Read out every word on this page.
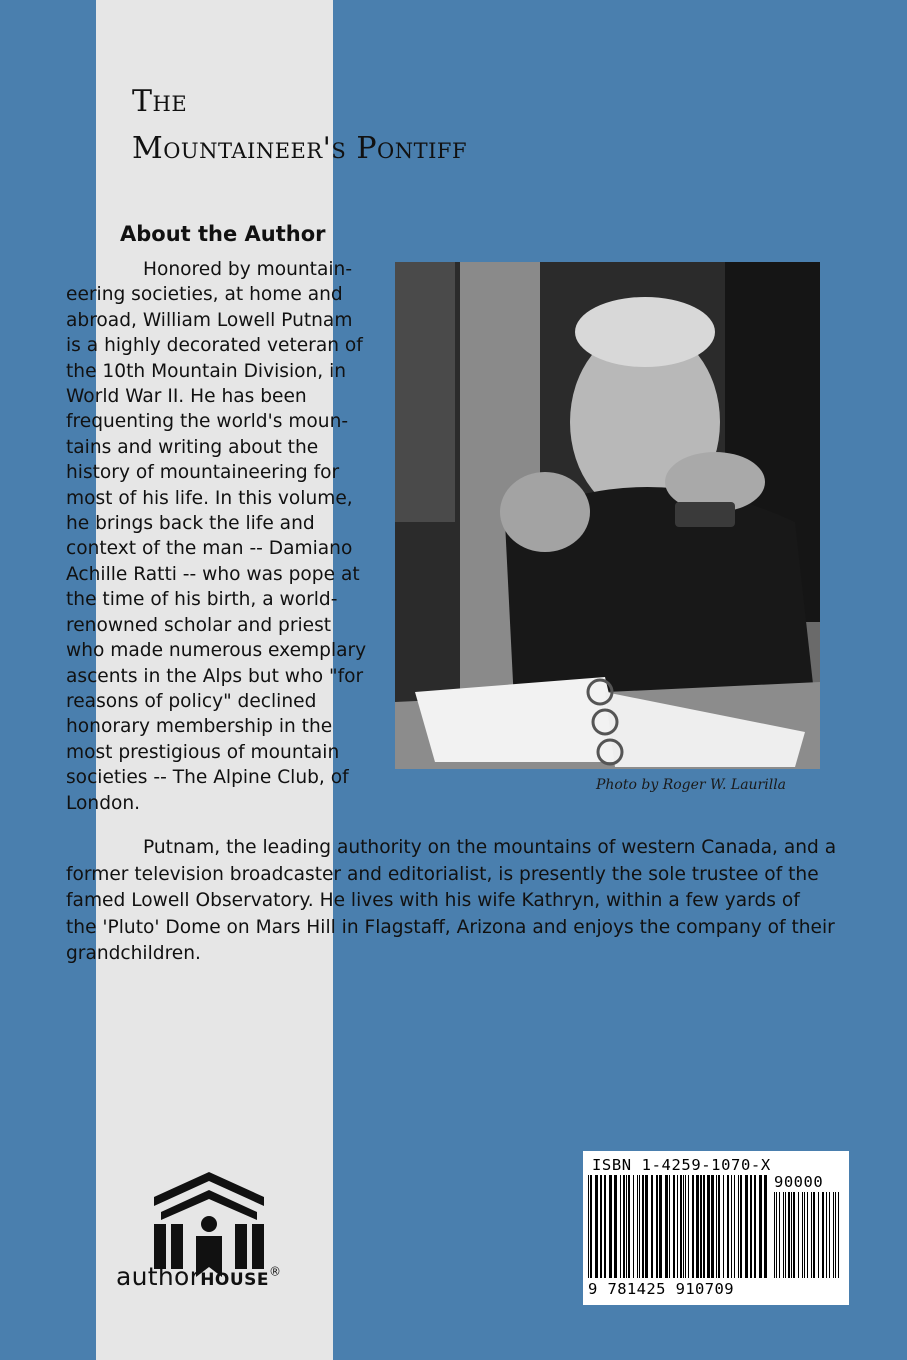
The
Mountaineer's Pontiff
About the Author

Honored by mountain-
eering societies, at home and
abroad, William Lowell Putnam
is a highly decorated veteran of
the 10th Mountain Division, in
World War II. He has been
frequenting the world's moun-
tains and writing about the
history of mountaineering for
most of his life. In this volume,
he brings back the life and
context of the man -- Damiano
Achille Ratti -- who was pope at
the time of his birth, a world-
renowned scholar and priest
who made numerous exemplary
ascents in the Alps but who "for
reasons of policy" declined
honorary membership in the
most prestigious of mountain
societies -- The Alpine Club, of
London.

Photo by Roger W. Laurilla

Putnam, the leading authority on the mountains of western Canada, and a
former television broadcaster and editorialist, is presently the sole trustee of the
famed Lowell Observatory. He lives with his wife Kathryn, within a few yards of
the 'Pluto' Dome on Mars Hill in Flagstaff, Arizona and enjoys the company of their
grandchildren.

authorHOUSE®
ISBN 1-4259-1070-X
90000
9 781425 910709
